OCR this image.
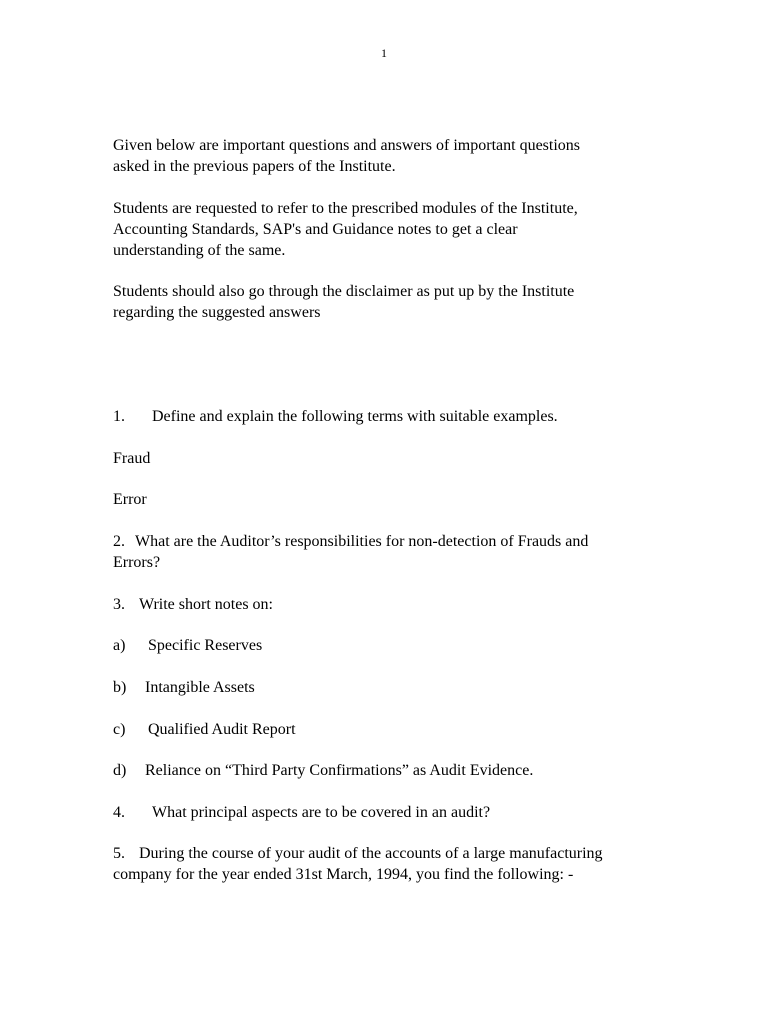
1
Given below are important questions and answers of important questions
asked in the previous papers of the Institute.
Students are requested to refer to the prescribed modules of the Institute,
Accounting Standards, SAP's and Guidance notes to get a clear
understanding of the same.
Students should also go through the disclaimer as put up by the Institute
regarding the suggested answers
1. Define and explain the following terms with suitable examples.
Fraud
Error
2. What are the Auditor’s responsibilities for non-detection of Frauds and
Errors?
3. Write short notes on:
a) Specific Reserves
b) Intangible Assets
c) Qualified Audit Report
d) Reliance on “Third Party Confirmations” as Audit Evidence.
4. What principal aspects are to be covered in an audit?
5. During the course of your audit of the accounts of a large manufacturing
company for the year ended 31st March, 1994, you find the following: -
